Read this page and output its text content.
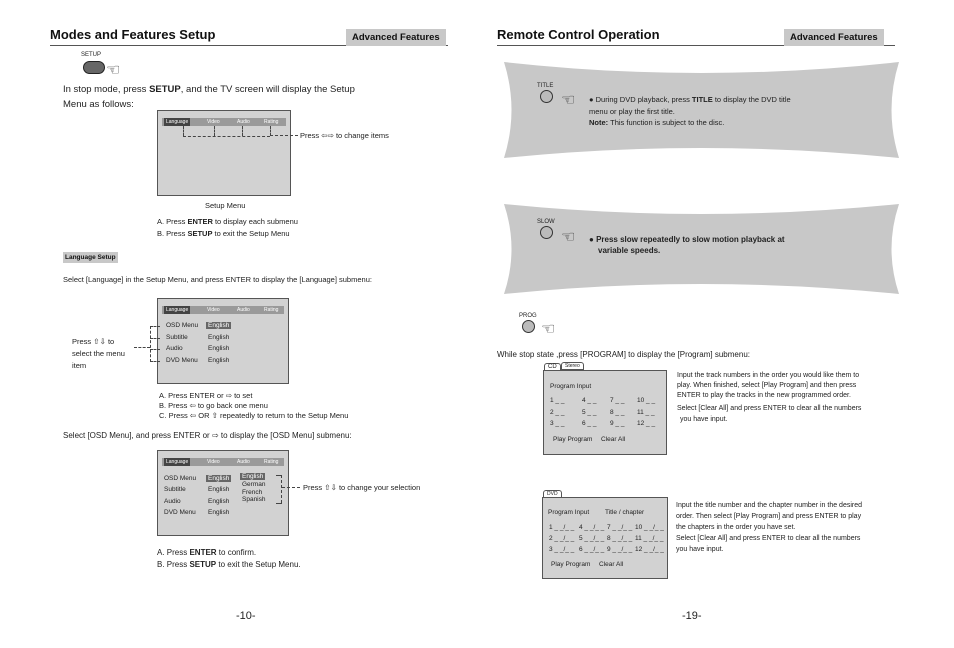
Modes and Features Setup	Advanced Features
SETUP
☜
In stop mode, press SETUP, and the TV screen will display the Setup
Menu as follows:
Language	Video	Audio	Rating
Press ⇦⇨ to change items
Setup Menu
A. Press ENTER to display each submenu
B. Press SETUP to exit the Setup Menu
Language Setup
Select [Language] in the Setup Menu, and press ENTER to display the [Language] submenu:
Language	Video	Audio	Rating
OSD Menu	English
Subtitle	English
Audio	English
DVD Menu English
Press ⇧⇩ to
select the menu
item
A. Press ENTER or ⇨ to set
B. Press ⇦ to go back one menu
C. Press ⇦ OR ⇧ repeatedly to return to the Setup Menu
Select [OSD Menu], and press ENTER or ⇨ to display the [OSD Menu] submenu:
Language	Video	Audio	Rating
OSD Menu	English
Subtitle	English
Audio	English
DVD Menu English
English
German
French
Spanish
Press ⇧⇩ to change your selection
A. Press ENTER to confirm.
B. Press SETUP to exit the Setup Menu.
-10-
Remote Control Operation	Advanced Features
TITLE
☜ ● During DVD playback, press TITLE to display the DVD title
menu or play the first title.
Note: This function is subject to the disc.
SLOW
☜ ● Press slow repeatedly to slow motion playback at
variable speeds.
PROG
☜
While stop state ,press [PROGRAM] to display the [Program] submenu:
CD	Stereo
Program Input
1 _ _	4 _ _ 7 _ _ 10 _ _
2 _ _	5 _ _ 8 _ _ 11 _ _
3 _ _	6 _ _ 9 _ _ 12 _ _
Play Program Clear All
Input the track numbers in the order you would like them to
play. When finished, select [Play Program] and then press
ENTER to play the tracks in the new programmed order.
Select [Clear All] and press ENTER to clear all the numbers
you have input.
DVD
Program Input Title / chapter
1 _ _/_ _ 4 _ _/_ _ 7 _ _/_ _ 10 _ _/_ _
2 _ _/_ _ 5 _ _/_ _ 8 _ _/_ _ 11 _ _/_ _
3 _ _/_ _ 6 _ _/_ _ 9 _ _/_ _ 12 _ _/_ _
Play Program Clear All
Input the title number and the chapter number in the desired
order. Then select [Play Program] and press ENTER to play
the chapters in the order you have set.
Select [Clear All] and press ENTER to clear all the numbers
you have input.
-19-
